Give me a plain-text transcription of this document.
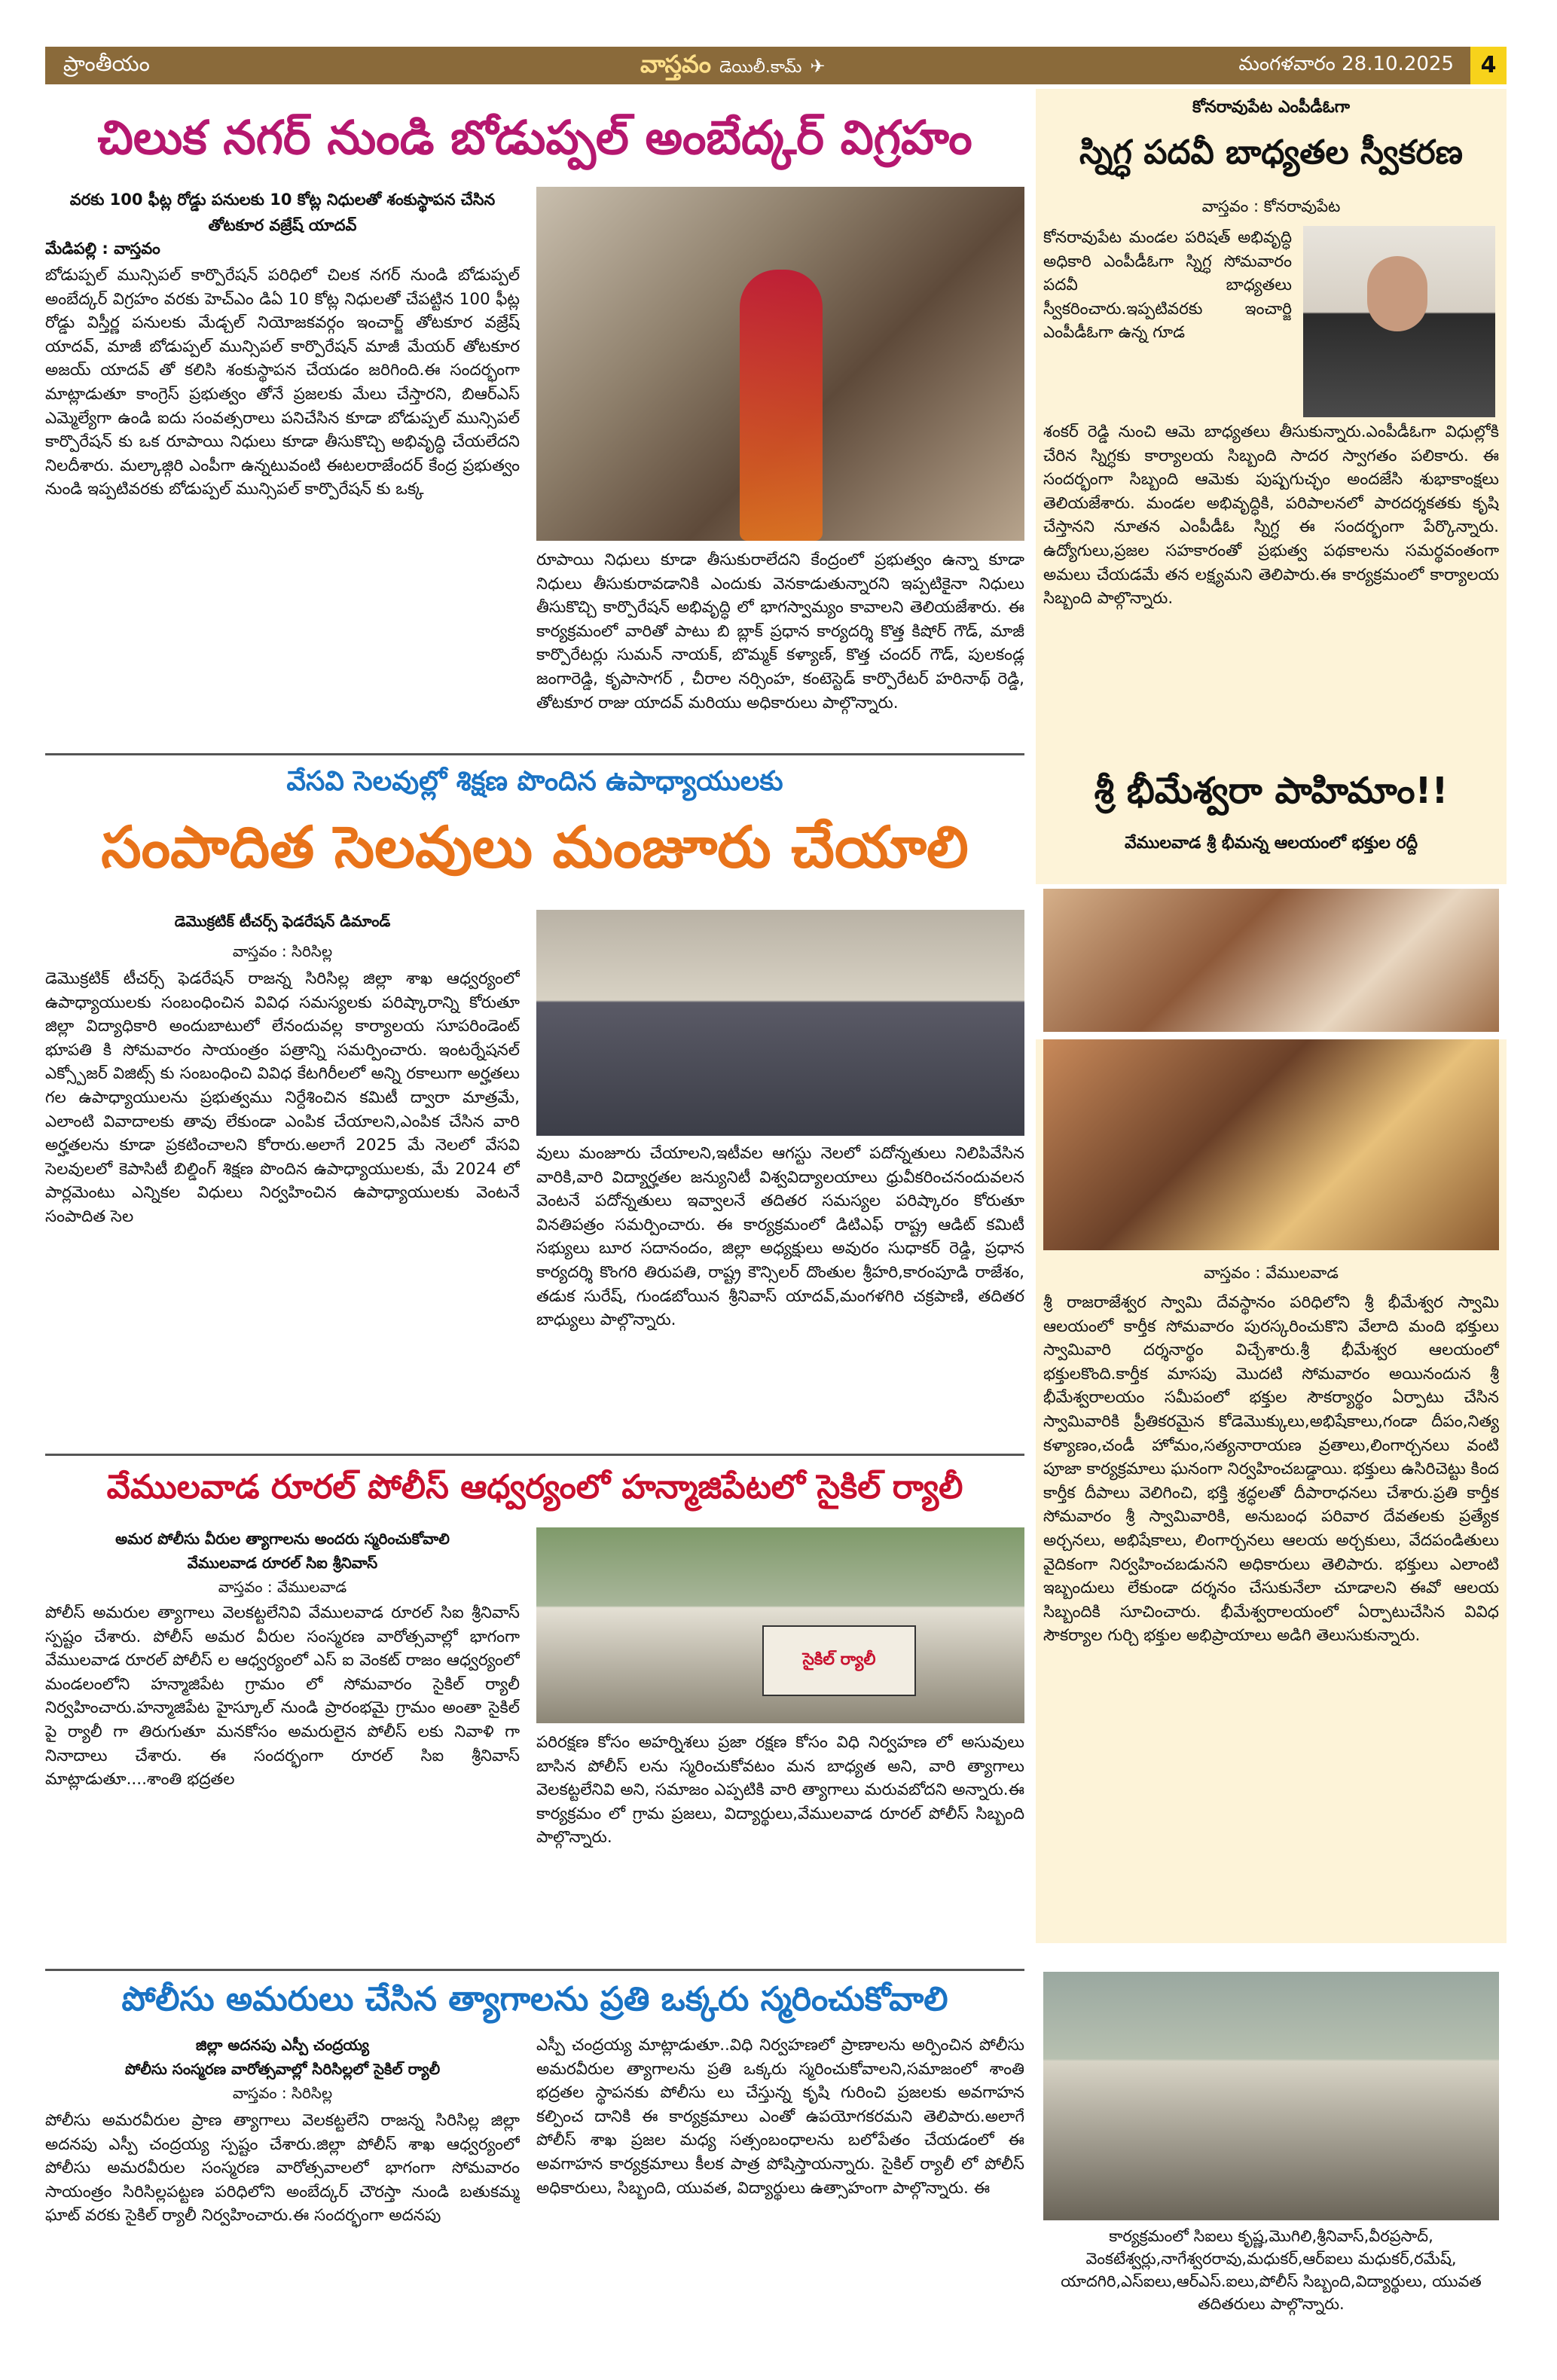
ప్రాంతీయం	వాస్తవం డెయిలీ.కామ్ ✈	మంగళవారం 28.10.2025	4
చిలుక నగర్ నుండి బోడుప్పల్ అంబేద్కర్ విగ్రహం
వరకు 100 ఫీట్ల రోడ్డు పనులకు 10 కోట్ల నిధులతో శంకుస్థాపన చేసిన తోటకూర వజ్రేష్ యాదవ్
మేడిపల్లి : వాస్తవం
బోడుప్పల్ మున్సిపల్ కార్పొరేషన్ పరిధిలో చిలక నగర్ నుండి బోడుప్పల్ అంబేద్కర్ విగ్రహం వరకు హెచ్ఎం డిఏ 10 కోట్ల నిధులతో చేపట్టిన 100 ఫీట్ల రోడ్డు విస్తీర్ణ పనులకు మేడ్చల్ నియోజకవర్గం ఇంచార్జ్ తోటకూర వజ్రేష్ యాదవ్, మాజీ బోడుప్పల్ మున్సిపల్ కార్పొరేషన్ మాజీ మేయర్ తోటకూర అజయ్ యాదవ్ తో కలిసి శంకుస్థాపన చేయడం జరిగింది.ఈ సందర్భంగా మాట్లాడుతూ కాంగ్రెస్ ప్రభుత్వం తోనే ప్రజలకు మేలు చేస్తారని, బిఆర్ఎస్ ఎమ్మెల్యేగా ఉండి ఐదు సంవత్సరాలు పనిచేసిన కూడా బోడుప్పల్ మున్సిపల్ కార్పొరేషన్ కు ఒక రూపాయి నిధులు కూడా తీసుకొచ్చి అభివృద్ధి చేయలేదని నిలదీశారు. మల్కాజ్గిరి ఎంపీగా ఉన్నటువంటి ఈటలరాజేందర్ కేంద్ర ప్రభుత్వం నుండి ఇప్పటివరకు బోడుప్పల్ మున్సిపల్ కార్పొరేషన్ కు ఒక్క
రూపాయి నిధులు కూడా తీసుకురాలేదని కేంద్రంలో ప్రభుత్వం ఉన్నా కూడా నిధులు తీసుకురావడానికి ఎందుకు వెనకాడుతున్నారని ఇప్పటికైనా నిధులు తీసుకొచ్చి కార్పొరేషన్ అభివృద్ధి లో భాగస్వామ్యం కావాలని తెలియజేశారు. ఈ కార్యక్రమంలో వారితో పాటు బి బ్లాక్ ప్రధాన కార్యదర్శి కొత్త కిషోర్ గౌడ్, మాజీ కార్పొరేటర్లు సుమన్ నాయక్, బొమ్మక్ కళ్యాణ్, కొత్త చందర్ గౌడ్, పులకండ్ల జంగారెడ్డి, కృపాసాగర్ , చీరాల నర్సింహ, కంటెస్టెడ్ కార్పొరేటర్ హరినాథ్ రెడ్డి, తోటకూర రాజు యాదవ్ మరియు అధికారులు పాల్గొన్నారు.
వేసవి సెలవుల్లో శిక్షణ పొందిన ఉపాధ్యాయులకు
సంపాదిత సెలవులు మంజూరు చేయాలి
డెమొక్రటిక్ టీచర్స్ ఫెడరేషన్ డిమాండ్
వాస్తవం : సిరిసిల్ల
డెమొక్రటిక్ టీచర్స్ ఫెడరేషన్ రాజన్న సిరిసిల్ల జిల్లా శాఖ ఆధ్వర్యంలో ఉపాధ్యాయులకు సంబంధించిన వివిధ సమస్యలకు పరిష్కారాన్ని కోరుతూ జిల్లా విద్యాధికారి అందుబాటులో లేనందువల్ల కార్యాలయ సూపరిండెంట్ భూపతి కి సోమవారం సాయంత్రం పత్రాన్ని సమర్పించారు. ఇంటర్నేషనల్ ఎక్స్పోజర్ విజిట్స్ కు సంబంధించి వివిధ కేటగిరీలలో అన్ని రకాలుగా అర్హతలు గల ఉపాధ్యాయులను ప్రభుత్వము నిర్దేశించిన కమిటీ ద్వారా మాత్రమే, ఎలాంటి వివాదాలకు తావు లేకుండా ఎంపిక చేయాలని,ఎంపిక చేసిన వారి అర్హతలను కూడా ప్రకటించాలని కోరారు.అలాగే 2025 మే నెలలో వేసవి సెలవులలో కెపాసిటీ బిల్డింగ్ శిక్షణ పొందిన ఉపాధ్యాయులకు, మే 2024 లో పార్లమెంటు ఎన్నికల విధులు నిర్వహించిన ఉపాధ్యాయులకు వెంటనే సంపాదిత సెల
వులు మంజూరు చేయాలని,ఇటీవల ఆగస్టు నెలలో పదోన్నతులు నిలిపివేసిన వారికి,వారి విద్యార్హతల జన్యునిటీ విశ్వవిద్యాలయాలు ధ్రువీకరించనందువలన వెంటనే పదోన్నతులు ఇవ్వాలనే తదితర సమస్యల పరిష్కారం కోరుతూ వినతిపత్రం సమర్పించారు. ఈ కార్యక్రమంలో డిటిఎఫ్ రాష్ట్ర ఆడిట్ కమిటీ సభ్యులు బూర సదానందం, జిల్లా అధ్యక్షులు అవురం సుధాకర్ రెడ్డి, ప్రధాన కార్యదర్శి కొంగరి తిరుపతి, రాష్ట్ర కౌన్సిలర్ దొంతుల శ్రీహరి,కారంపూడి రాజేశం, తడుక సురేష్, గుండబోయిన శ్రీనివాస్ యాదవ్,మంగళగిరి చక్రపాణి, తదితర బాధ్యులు పాల్గొన్నారు.
వేములవాడ రూరల్ పోలీస్ ఆధ్వర్యంలో హన్మాజిపేటలో సైకిల్ ర్యాలీ
అమర పోలీసు వీరుల త్యాగాలను అందరు స్మరించుకోవాలి
వేములవాడ రూరల్ సిఐ శ్రీనివాస్
వాస్తవం : వేములవాడ
పోలీస్ అమరుల త్యాగాలు వెలకట్టలేనివి వేములవాడ రూరల్ సిఐ శ్రీనివాస్ స్పష్టం చేశారు. పోలీస్ అమర వీరుల సంస్మరణ వారోత్సవాల్లో భాగంగా వేములవాడ రూరల్ పోలీస్ ల ఆధ్వర్యంలో ఎస్ ఐ వెంకట్ రాజం ఆధ్వర్యంలో మండలంలోని హన్మాజిపేట గ్రామం లో సోమవారం సైకిల్ ర్యాలీ నిర్వహించారు.హన్మాజిపేట హైస్కూల్ నుండి ప్రారంభమై గ్రామం అంతా సైకిల్ పై ర్యాలీ గా తిరుగుతూ మనకోసం అమరులైన పోలీస్ లకు నివాళి గా నినాదాలు చేశారు. ఈ సందర్భంగా రూరల్ సిఐ శ్రీనివాస్ మాట్లాడుతూ....శాంతి భద్రతల
సైకిల్ ర్యాలీ
పరిరక్షణ కోసం అహర్నిశలు ప్రజా రక్షణ కోసం విధి నిర్వహణ లో అసువులు బాసిన పోలీస్ లను స్మరించుకోవటం మన బాధ్యత అని, వారి త్యాగాలు వెలకట్టలేనివి అని, సమాజం ఎప్పటికి వారి త్యాగాలు మరువబోదని అన్నారు.ఈ కార్యక్రమం లో గ్రామ ప్రజలు, విద్యార్థులు,వేములవాడ రూరల్ పోలీస్ సిబ్బంది పాల్గొన్నారు.
పోలీసు అమరులు చేసిన త్యాగాలను ప్రతి ఒక్కరు స్మరించుకోవాలి
జిల్లా అదనపు ఎస్పీ చంద్రయ్య
పోలీసు సంస్మరణ వారోత్సవాల్లో సిరిసిల్లలో సైకిల్ ర్యాలీ
వాస్తవం : సిరిసిల్ల
పోలీసు అమరవీరుల ప్రాణ త్యాగాలు వెలకట్టలేని రాజన్న సిరిసిల్ల జిల్లా అదనపు ఎస్పీ చంద్రయ్య స్పష్టం చేశారు.జిల్లా పోలీస్ శాఖ ఆధ్వర్యంలో పోలీసు అమరవీరుల సంస్మరణ వారోత్సవాలలో భాగంగా సోమవారం సాయంత్రం సిరిసిల్లపట్టణ పరిధిలోని అంబేద్కర్ చౌరస్తా నుండి బతుకమ్మ ఘాట్ వరకు సైకిల్ ర్యాలీ నిర్వహించారు.ఈ సందర్భంగా అదనపు
ఎస్పీ చంద్రయ్య మాట్లాడుతూ..విధి నిర్వహణలో ప్రాణాలను అర్పించిన పోలీసు అమరవీరుల త్యాగాలను ప్రతి ఒక్కరు స్మరించుకోవాలని,సమాజంలో శాంతి భద్రతల స్థాపనకు పోలీసు లు చేస్తున్న కృషి గురించి ప్రజలకు అవగాహన కల్పించ దానికి ఈ కార్యక్రమాలు ఎంతో ఉపయోగకరమని తెలిపారు.అలాగే పోలీస్ శాఖ ప్రజల మధ్య సత్సంబంధాలను బలోపేతం చేయడంలో ఈ అవగాహన కార్యక్రమాలు కీలక పాత్ర పోషిస్తాయన్నారు. సైకిల్ ర్యాలీ లో పోలీస్ అధికారులు, సిబ్బంది, యువత, విద్యార్థులు ఉత్సాహంగా పాల్గొన్నారు. ఈ
కోనరావుపేట ఎంపీడీఓగా
స్నిగ్ధ పదవీ బాధ్యతల స్వీకరణ
వాస్తవం : కోనరావుపేట
కోనరావుపేట మండల పరిషత్ అభివృద్ధి అధికారి ఎంపీడీఓగా స్నిగ్ధ సోమవారం పదవీ బాధ్యతలు స్వీకరించారు.ఇప్పటివరకు ఇంచార్జి ఎంపీడీఓగా ఉన్న గూడ
శంకర్ రెడ్డి నుంచి ఆమె బాధ్యతలు తీసుకున్నారు.ఎంపీడీఓగా విధుల్లోకి చేరిన స్నిగ్ధకు కార్యాలయ సిబ్బంది సాదర స్వాగతం పలికారు. ఈ సందర్భంగా సిబ్బంది ఆమెకు పుష్పగుచ్ఛం అందజేసి శుభాకాంక్షలు తెలియజేశారు. మండల అభివృద్ధికి, పరిపాలనలో పారదర్శకతకు కృషి చేస్తానని నూతన ఎంపీడీఓ స్నిగ్ధ ఈ సందర్భంగా పేర్కొన్నారు. ఉద్యోగులు,ప్రజల సహకారంతో ప్రభుత్వ పథకాలను సమర్థవంతంగా అమలు చేయడమే తన లక్ష్యమని తెలిపారు.ఈ కార్యక్రమంలో కార్యాలయ సిబ్బంది పాల్గొన్నారు.
శ్రీ భీమేశ్వరా పాహిమాం!!
వేములవాడ శ్రీ భీమన్న ఆలయంలో భక్తుల రద్దీ
వాస్తవం : వేములవాడ
శ్రీ రాజరాజేశ్వర స్వామి దేవస్థానం పరిధిలోని శ్రీ భీమేశ్వర స్వామి ఆలయంలో కార్తీక సోమవారం పురస్కరించుకొని వేలాది మంది భక్తులు స్వామివారి దర్శనార్థం విచ్చేశారు.శ్రీ భీమేశ్వర ఆలయంలో భక్తులకొంది.కార్తీక మాసపు మొదటి సోమవారం అయినందున శ్రీ భీమేశ్వరాలయం సమీపంలో భక్తుల సౌకర్యార్థం ఏర్పాటు చేసిన స్వామివారికి ప్రీతికరమైన కోడెమొక్కులు,అభిషేకాలు,గండా దీపం,నిత్య కళ్యాణం,చండీ హోమం,సత్యనారాయణ వ్రతాలు,లింగార్చనలు వంటి పూజా కార్యక్రమాలు ఘనంగా నిర్వహించబడ్డాయి. భక్తులు ఉసిరిచెట్టు కింద కార్తీక దీపాలు వెలిగించి, భక్తి శ్రద్ధలతో దీపారాధనలు చేశారు.ప్రతి కార్తీక సోమవారం శ్రీ స్వామివారికి, అనుబంధ పరివార దేవతలకు ప్రత్యేక అర్చనలు, అభిషేకాలు, లింగార్చనలు ఆలయ అర్చకులు, వేదపండితులు వైదికంగా నిర్వహించబడునని అధికారులు తెలిపారు. భక్తులు ఎలాంటి ఇబ్బందులు లేకుండా దర్శనం చేసుకునేలా చూడాలని ఈవో ఆలయ సిబ్బందికి సూచించారు. భీమేశ్వరాలయంలో ఏర్పాటుచేసిన వివిధ సౌకర్యాల గుర్చి భక్తుల అభిప్రాయాలు అడిగి తెలుసుకున్నారు.
కార్యక్రమంలో సిఐలు కృష్ణ,మొగిలి,శ్రీనివాస్,వీరప్రసాద్, వెంకటేశ్వర్లు,నాగేశ్వరరావు,మధుకర్,ఆర్ఐలు మధుకర్,రమేష్, యాదగిరి,ఎస్ఐలు,ఆర్ఎస్.ఐలు,పోలీస్ సిబ్బంది,విద్యార్థులు, యువత తదితరులు పాల్గొన్నారు.
